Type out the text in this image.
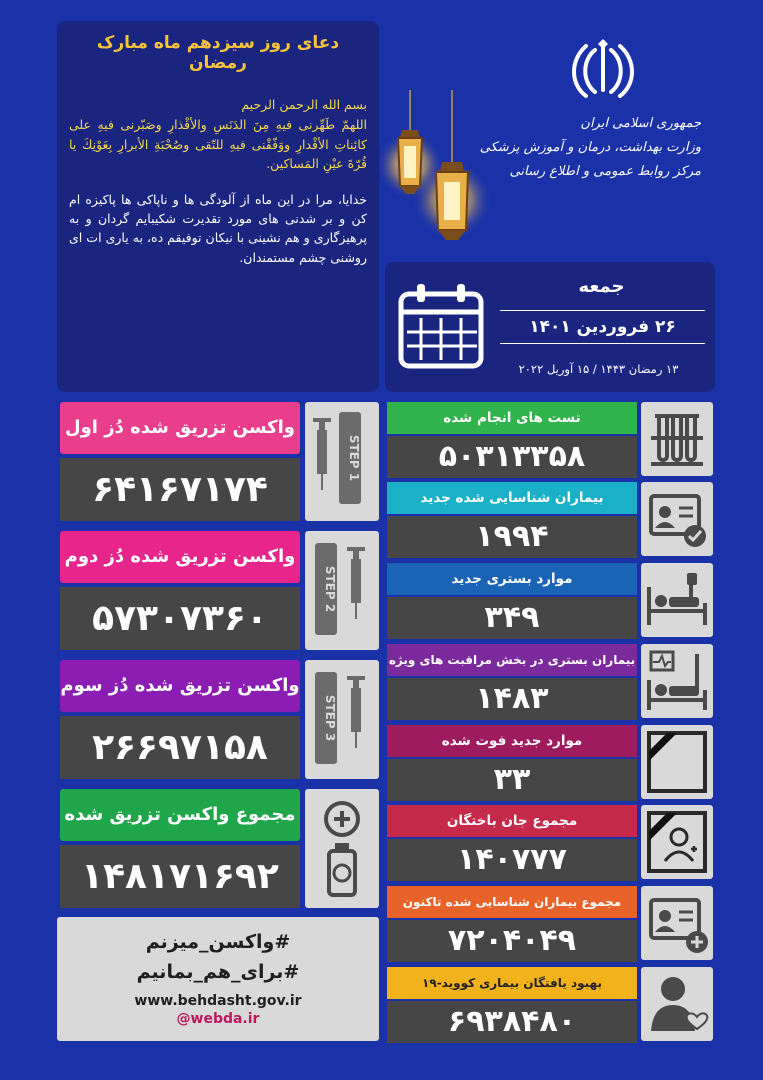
دعای روز سیزدهم ماه مبارک رمضان
بسم الله الرحمن الرحیم
اللهمّ طَهِّرنی فیهِ مِنَ الدَنَسِ والأقْذارِ وصَبّرنی فیهِ علی كائِناتِ الأقْدارِ ووَفّقْنی فیهِ للتّقی وصُحْبَةِ الأبرارِ بِعَوْنِكَ یا قُرّةَ عیْنِ المَساكین.
خدایا، مرا در این ماه از آلودگی ها و ناپاکی ها پاکیزه ام کن و بر شدنی های مورد تقدیرت شکیبایم گردان و به پرهیزگاری و هم نشینی با نیکان توفیقم ده، به یاری ات ای روشنی چشم مستمندان.
جمهوری اسلامی ایران
وزارت بهداشت، درمان و آموزش پزشکی
مرکز روابط عمومی و اطلاع رسانی
جمعه
۲۶ فروردین ۱۴۰۱
۱۳ رمضان ۱۴۴۳ / ۱۵ آوریل ۲۰۲۲
واکسن تزریق شده دُز اول
۶۴۱۶۷۱۷۴
واکسن تزریق شده دُز دوم
۵۷۳۰۷۳۶۰
واکسن تزریق شده دُز سوم
۲۶۶۹۷۱۵۸
مجموع واکسن تزریق شده
۱۴۸۱۷۱۶۹۲
STEP 1
STEP 2
STEP 3
تست های انجام شده
۵۰۳۱۳۳۵۸
بیماران شناسایی شده جدید
۱۹۹۴
موارد بستری جدید
۳۴۹
بیماران بستری در بخش مراقبت های ویژه
۱۴۸۳
موارد جدید فوت شده
۳۳
مجموع جان باختگان
۱۴۰۷۷۷
مجموع بیماران شناسایی شده تاکنون
۷۲۰۴۰۴۹
بهبود یافتگان بیماری کووید-۱۹
۶۹۳۸۴۸۰
#واکسن_میزنم
#برای_هم_بمانیم
www.behdasht.gov.ir
@webda.ir
